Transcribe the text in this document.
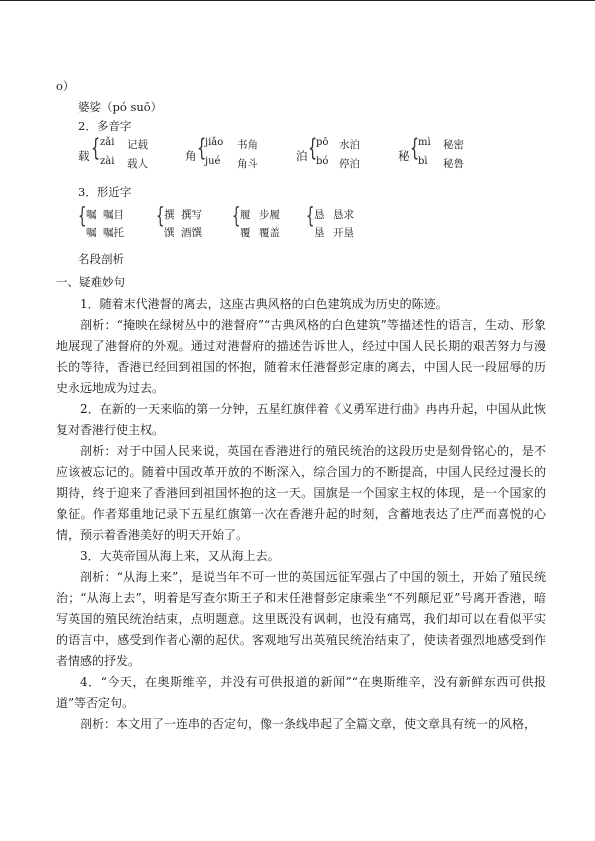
o）
婆娑（pó suō）
2．多音字
载 { zǎi 记载
zài 载人
角 {
jiǎo 书角
jué 角斗
泊 {
pō 水泊
bó 停泊
秘 {
mì 秘密
bì 秘鲁
3．形近字
{ 嘱 嘱目
嘱 嘱托
{ 撰 撰写
馔 酒馔
{ 履 步履
覆 覆盖
{ 恳 恳求
垦 开垦
名段剖析
一、疑难妙句

1．随着末代港督的离去，这座古典风格的白色建筑成为历史的陈迹。

剖析：“掩映在绿树丛中的港督府”“古典风格的白色建筑”等描述性的语言，生动、形象地展现了港督府的外观。通过对港督府的描述告诉世人，经过中国人民长期的艰苦努力与漫长的等待，香港已经回到祖国的怀抱，随着末任港督彭定康的离去，中国人民一段屈辱的历史永远地成为过去。

2．在新的一天来临的第一分钟，五星红旗伴着《义勇军进行曲》冉冉升起，中国从此恢复对香港行使主权。

剖析：对于中国人民来说，英国在香港进行的殖民统治的这段历史是刻骨铭心的，是不应该被忘记的。随着中国改革开放的不断深入，综合国力的不断提高，中国人民经过漫长的期待，终于迎来了香港回到祖国怀抱的这一天。国旗是一个国家主权的体现，是一个国家的象征。作者郑重地记录下五星红旗第一次在香港升起的时刻，含蓄地表达了庄严而喜悦的心情，预示着香港美好的明天开始了。

3．大英帝国从海上来，又从海上去。

剖析：“从海上来”，是说当年不可一世的英国远征军强占了中国的领土，开始了殖民统治；“从海上去”，明着是写查尔斯王子和末任港督彭定康乘坐“不列颠尼亚”号离开香港，暗写英国的殖民统治结束，点明题意。这里既没有讽刺，也没有痛骂，我们却可以在看似平实的语言中，感受到作者心潮的起伏。客观地写出英殖民统治结束了，使读者强烈地感受到作者情感的抒发。

4．“今天，在奥斯维辛，并没有可供报道的新闻”“在奥斯维辛，没有新鲜东西可供报道”等否定句。

剖析：本文用了一连串的否定句，像一条线串起了全篇文章，使文章具有统一的风格，
